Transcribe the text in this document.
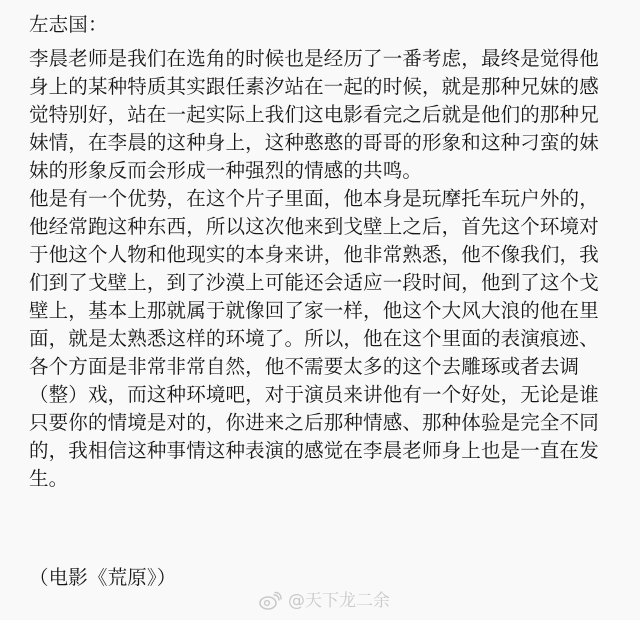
左志国：
李晨老师是我们在选角的时候也是经历了一番考虑，最终是觉得他
身上的某种特质其实跟任素汐站在一起的时候，就是那种兄妹的感
觉特别好，站在一起实际上我们这电影看完之后就是他们的那种兄
妹情，在李晨的这种身上，这种憨憨的哥哥的形象和这种刁蛮的妹
妹的形象反而会形成一种强烈的情感的共鸣。
他是有一个优势，在这个片子里面，他本身是玩摩托车玩户外的，
他经常跑这种东西，所以这次他来到戈壁上之后，首先这个环境对
于他这个人物和他现实的本身来讲，他非常熟悉，他不像我们，我
们到了戈壁上，到了沙漠上可能还会适应一段时间，他到了这个戈
壁上，基本上那就属于就像回了家一样，他这个大风大浪的他在里
面，就是太熟悉这样的环境了。所以，他在这个里面的表演痕迹、
各个方面是非常非常自然，他不需要太多的这个去雕琢或者去调
（整）戏，而这种环境吧，对于演员来讲他有一个好处，无论是谁
只要你的情境是对的，你进来之后那种情感、那种体验是完全不同
的，我相信这种事情这种表演的感觉在李晨老师身上也是一直在发
生。
（电影《荒原》）
@天下龙二余
